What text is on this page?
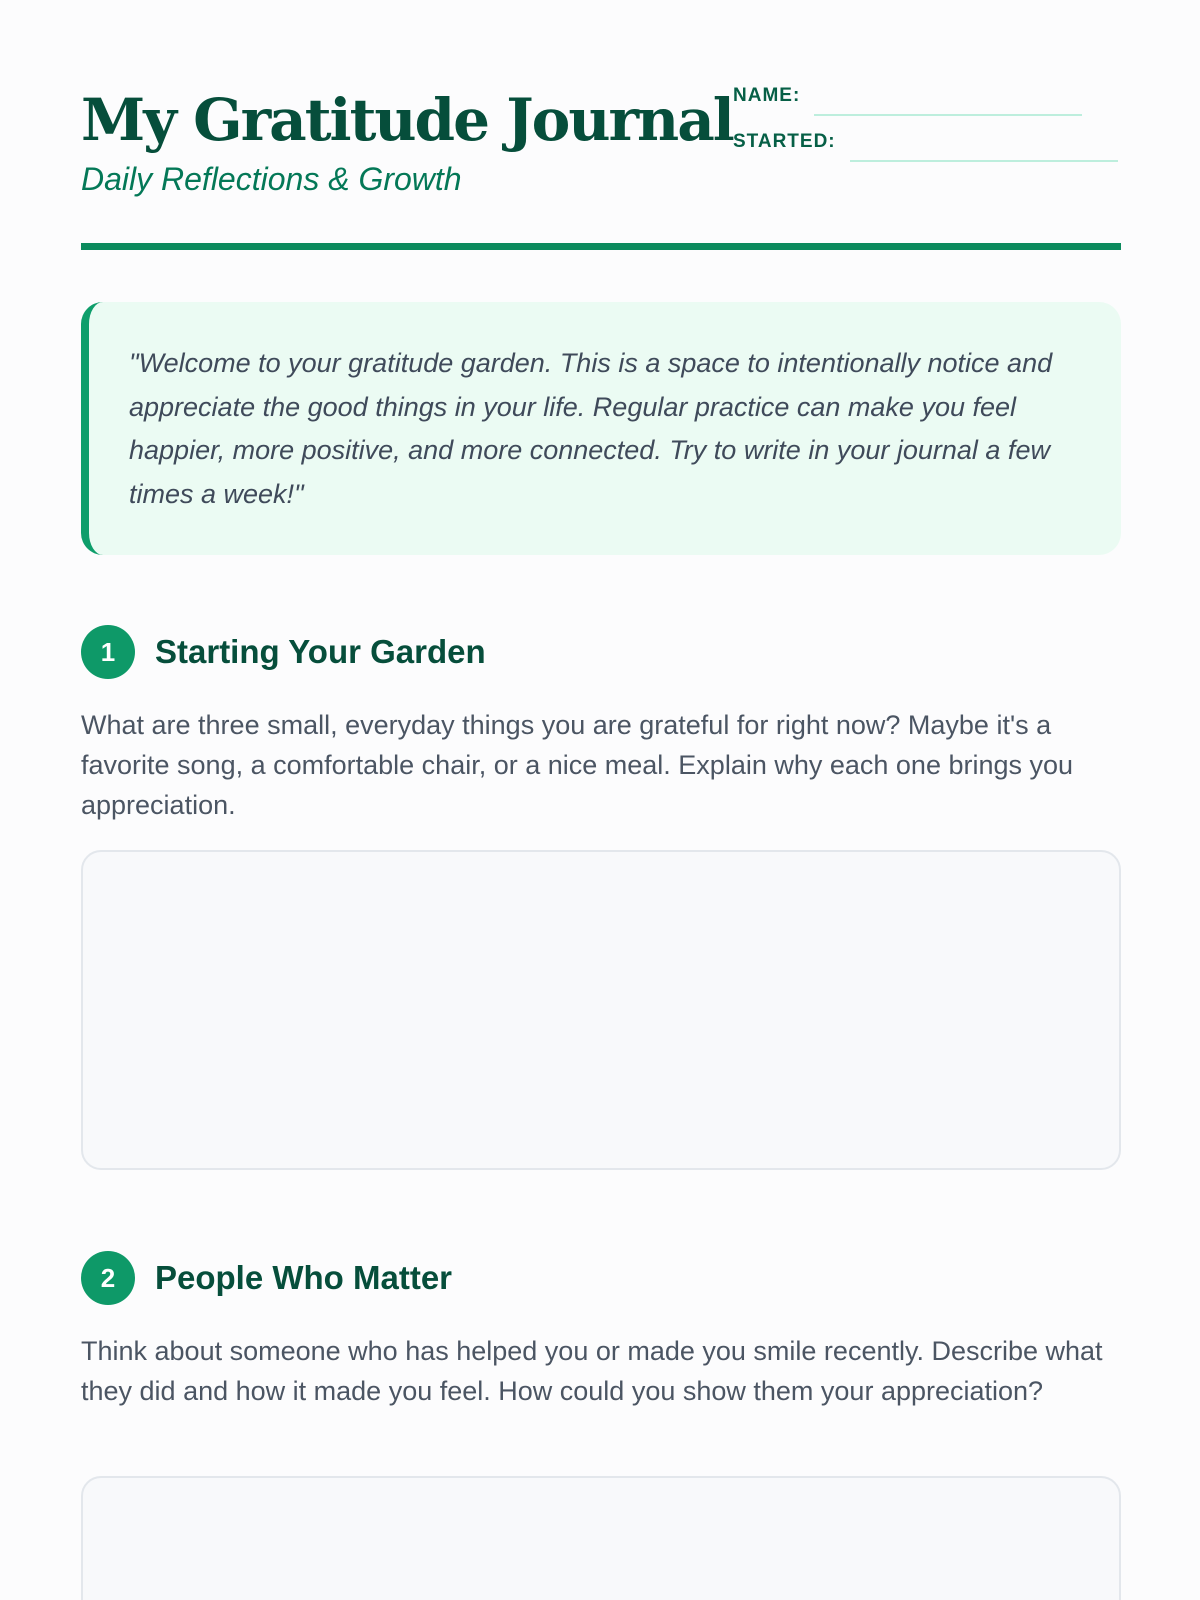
My Gratitude Journal
Daily Reflections & Growth
NAME:
STARTED:

"Welcome to your gratitude garden. This is a space to intentionally notice and appreciate the good things in your life. Regular practice can make you feel happier, more positive, and more connected. Try to write in your journal a few times a week!"

1	Starting Your Garden

What are three small, everyday things you are grateful for right now? Maybe it's a favorite song, a comfortable chair, or a nice meal. Explain why each one brings you appreciation.

2	People Who Matter

Think about someone who has helped you or made you smile recently. Describe what they did and how it made you feel. How could you show them your appreciation?
